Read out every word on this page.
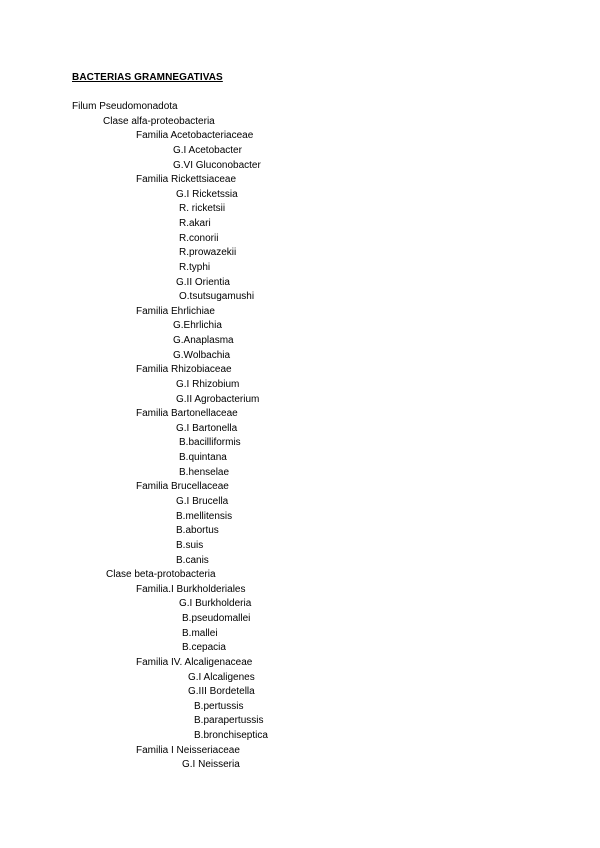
BACTERIAS GRAMNEGATIVAS
Filum Pseudomonadota
Clase alfa-proteobacteria
Familia Acetobacteriaceae
G.I Acetobacter
G.VI Gluconobacter
Familia Rickettsiaceae
G.I Ricketssia
R. ricketsii
R.akari
R.conorii
R.prowazekii
R.typhi
G.II Orientia
O.tsutsugamushi
Familia Ehrlichiae
G.Ehrlichia
G.Anaplasma
G.Wolbachia
Familia Rhizobiaceae
G.I Rhizobium
G.II Agrobacterium
Familia Bartonellaceae
G.I Bartonella
B.bacilliformis
B.quintana
B.henselae
Familia Brucellaceae
G.I Brucella
B.mellitensis
B.abortus
B.suis
B.canis
Clase beta-protobacteria
Familia.I Burkholderiales
G.I Burkholderia
B.pseudomallei
B.mallei
B.cepacia
Familia IV. Alcaligenaceae
G.I Alcaligenes
G.III Bordetella
B.pertussis
B.parapertussis
B.bronchiseptica
Familia I Neisseriaceae
G.I Neisseria
